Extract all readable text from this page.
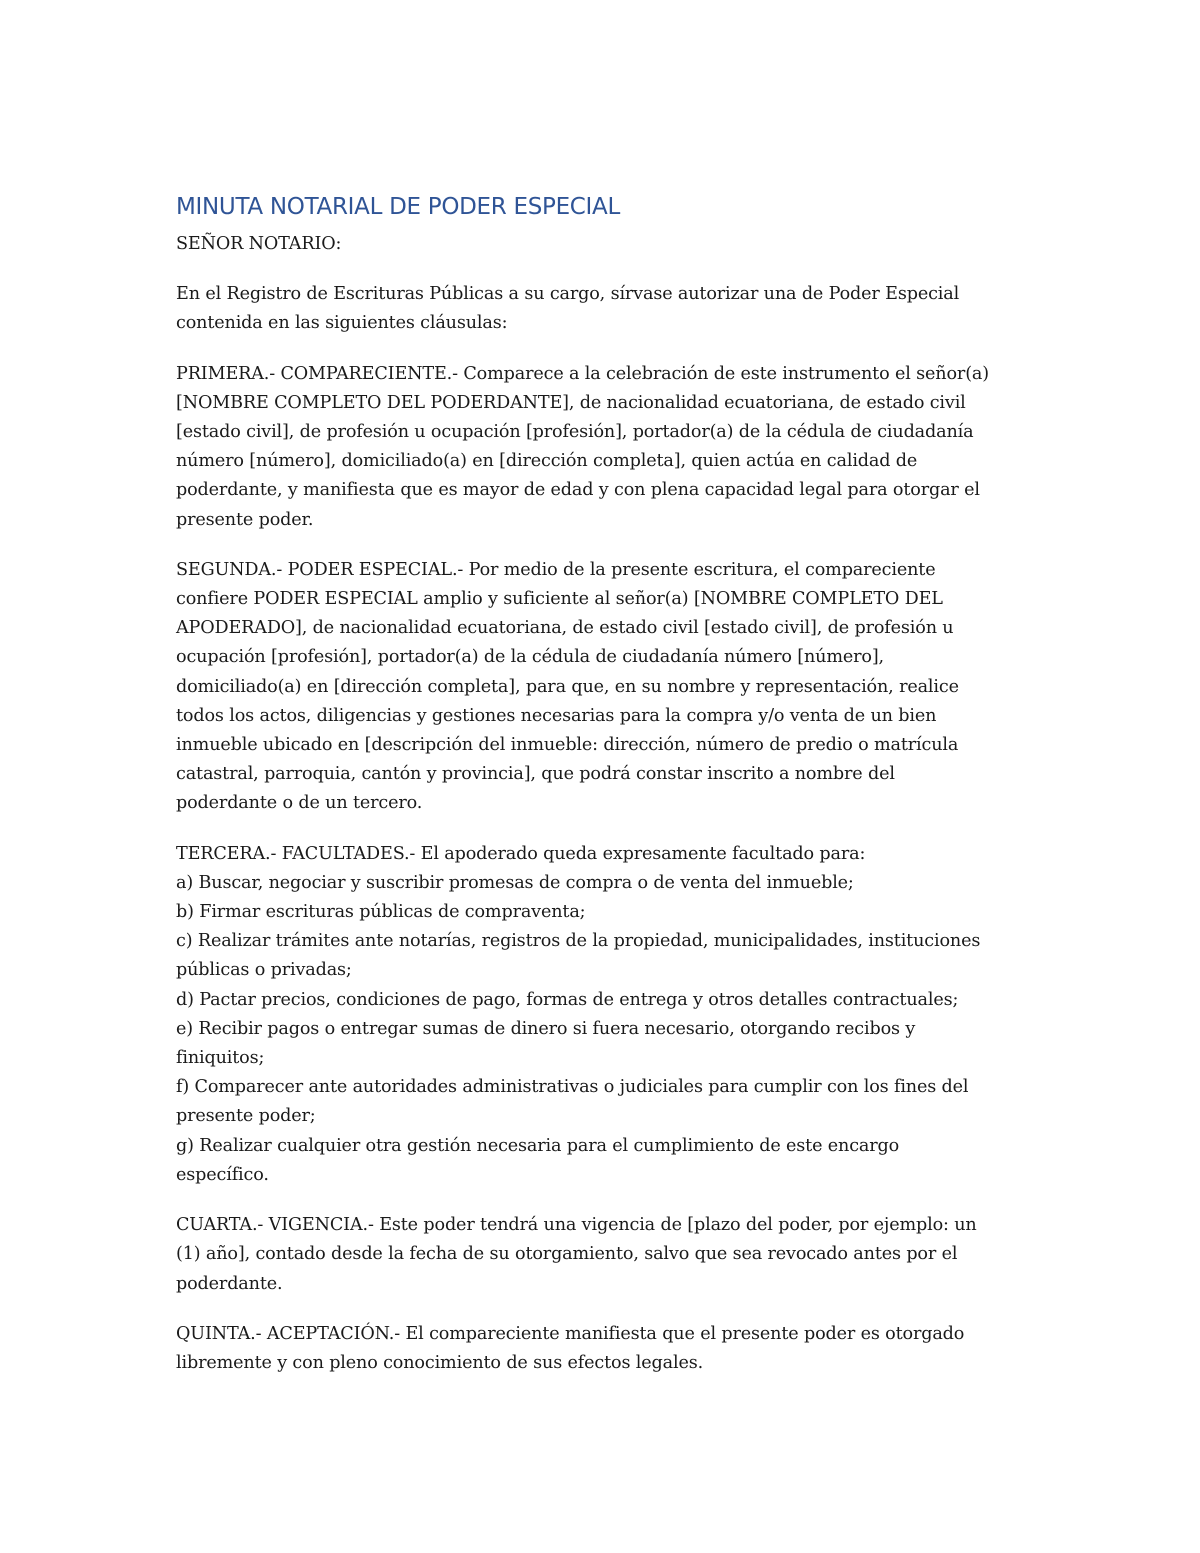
MINUTA NOTARIAL DE PODER ESPECIAL

SEÑOR NOTARIO:

En el Registro de Escrituras Públicas a su cargo, sírvase autorizar una de Poder Especial
contenida en las siguientes cláusulas:

PRIMERA.- COMPARECIENTE.- Comparece a la celebración de este instrumento el señor(a)
[NOMBRE COMPLETO DEL PODERDANTE], de nacionalidad ecuatoriana, de estado civil
[estado civil], de profesión u ocupación [profesión], portador(a) de la cédula de ciudadanía
número [número], domiciliado(a) en [dirección completa], quien actúa en calidad de
poderdante, y manifiesta que es mayor de edad y con plena capacidad legal para otorgar el
presente poder.

SEGUNDA.- PODER ESPECIAL.- Por medio de la presente escritura, el compareciente
confiere PODER ESPECIAL amplio y suficiente al señor(a) [NOMBRE COMPLETO DEL
APODERADO], de nacionalidad ecuatoriana, de estado civil [estado civil], de profesión u
ocupación [profesión], portador(a) de la cédula de ciudadanía número [número],
domiciliado(a) en [dirección completa], para que, en su nombre y representación, realice
todos los actos, diligencias y gestiones necesarias para la compra y/o venta de un bien
inmueble ubicado en [descripción del inmueble: dirección, número de predio o matrícula
catastral, parroquia, cantón y provincia], que podrá constar inscrito a nombre del
poderdante o de un tercero.

TERCERA.- FACULTADES.- El apoderado queda expresamente facultado para:
a) Buscar, negociar y suscribir promesas de compra o de venta del inmueble;
b) Firmar escrituras públicas de compraventa;
c) Realizar trámites ante notarías, registros de la propiedad, municipalidades, instituciones
públicas o privadas;
d) Pactar precios, condiciones de pago, formas de entrega y otros detalles contractuales;
e) Recibir pagos o entregar sumas de dinero si fuera necesario, otorgando recibos y
finiquitos;
f) Comparecer ante autoridades administrativas o judiciales para cumplir con los fines del
presente poder;
g) Realizar cualquier otra gestión necesaria para el cumplimiento de este encargo
específico.

CUARTA.- VIGENCIA.- Este poder tendrá una vigencia de [plazo del poder, por ejemplo: un
(1) año], contado desde la fecha de su otorgamiento, salvo que sea revocado antes por el
poderdante.

QUINTA.- ACEPTACIÓN.- El compareciente manifiesta que el presente poder es otorgado
libremente y con pleno conocimiento de sus efectos legales.
